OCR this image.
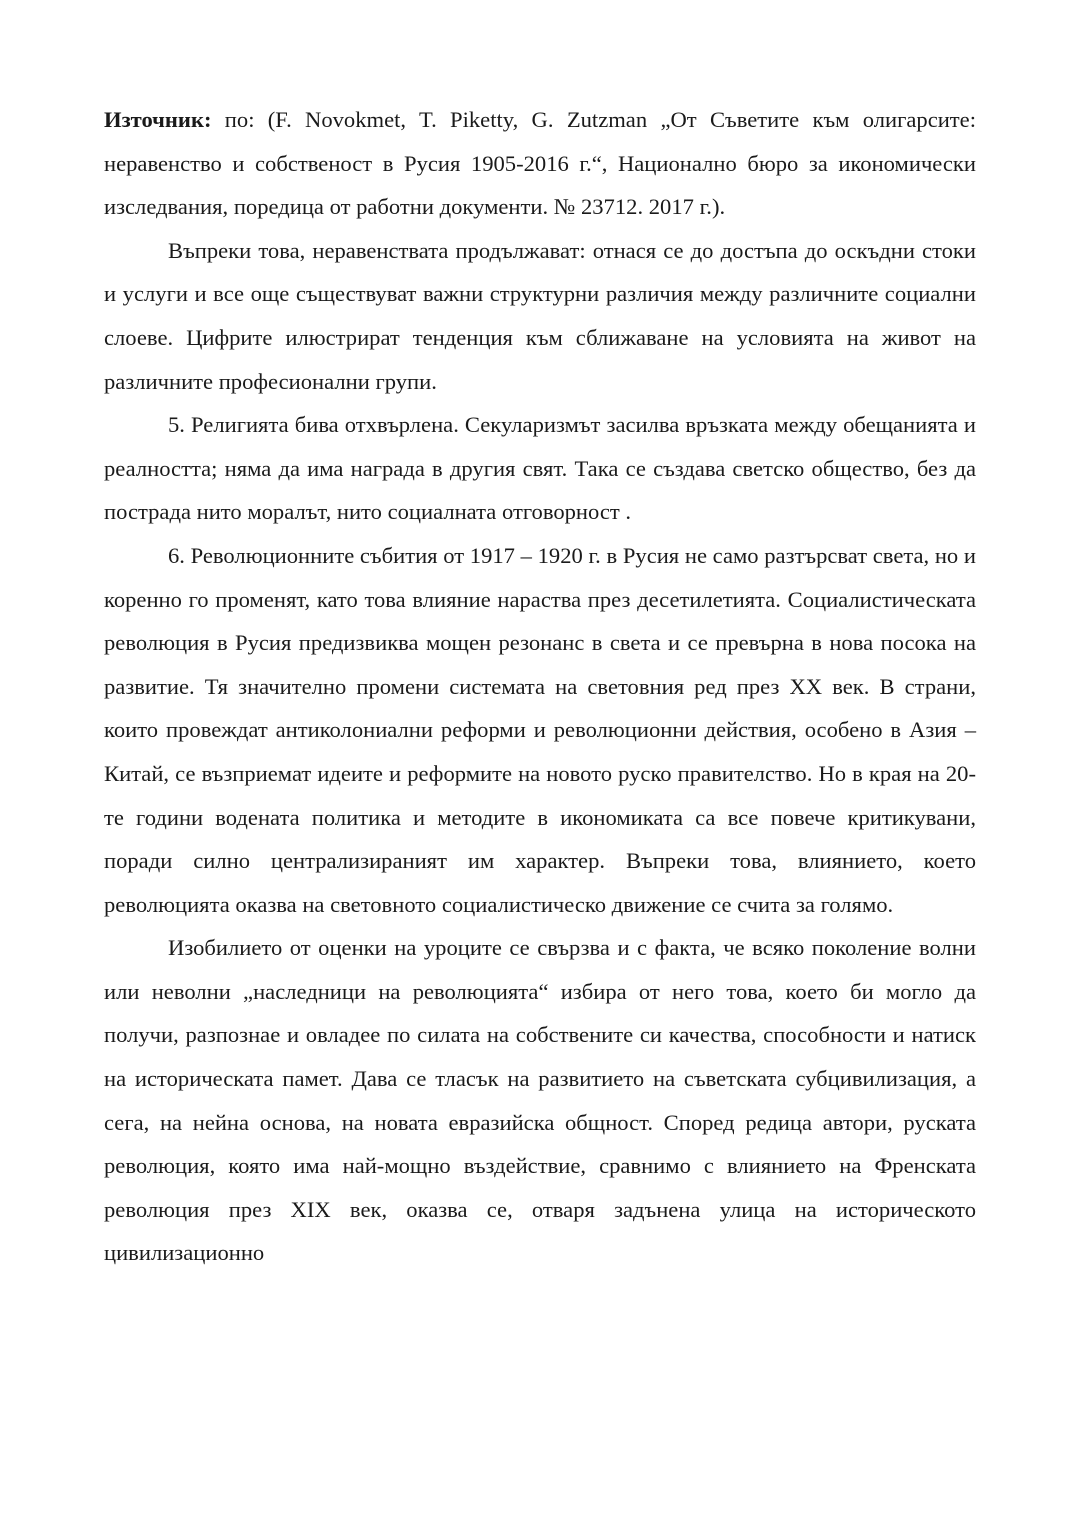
Източник: по: (F. Novokmet, T. Piketty, G. Zutzman „От Съветите към олигарсите: неравенство и собственост в Русия 1905-2016 г.“, Национално бюро за икономически изследвания, поредица от работни документи. № 23712. 2017 г.).

Въпреки това, неравенствата продължават: отнася се до достъпа до оскъдни стоки и услуги и все още съществуват важни структурни различия между различните социални слоеве. Цифрите илюстрират тенденция към сближаване на условията на живот на различните професионални групи.

5. Религията бива отхвърлена. Секуларизмът засилва връзката между обещанията и реалността; няма да има награда в другия свят. Така се създава светско общество, без да пострада нито моралът, нито социалната отговорност .

6. Революционните събития от 1917 – 1920 г. в Русия не само разтърсват света, но и коренно го променят, като това влияние нараства през десетилетията. Социалистическата революция в Русия предизвиква мощен резонанс в света и се превърна в нова посока на развитие. Тя значително промени системата на световния ред през XX век. В страни, които провеждат антиколониални реформи и революционни действия, особено в Азия – Китай, се възприемат идеите и реформите на новото руско правителство. Но в края на 20-те години водената политика и методите в икономиката са все повече критикувани, поради силно централизираният им характер. Въпреки това, влиянието, което революцията оказва на световното социалистическо движение се счита за голямо.

Изобилието от оценки на уроците се свързва и с факта, че всяко поколение волни или неволни „наследници на революцията“ избира от него това, което би могло да получи, разпознае и овладее по силата на собствените си качества, способности и натиск на историческата памет. Дава се тласък на развитието на съветската субцивилизация, а сега, на нейна основа, на новата евразийска общност. Според редица автори, руската революция, която има най-мощно въздействие, сравнимо с влиянието на Френската революция през XIX век, оказва се, отваря задънена улица на историческото цивилизационно
